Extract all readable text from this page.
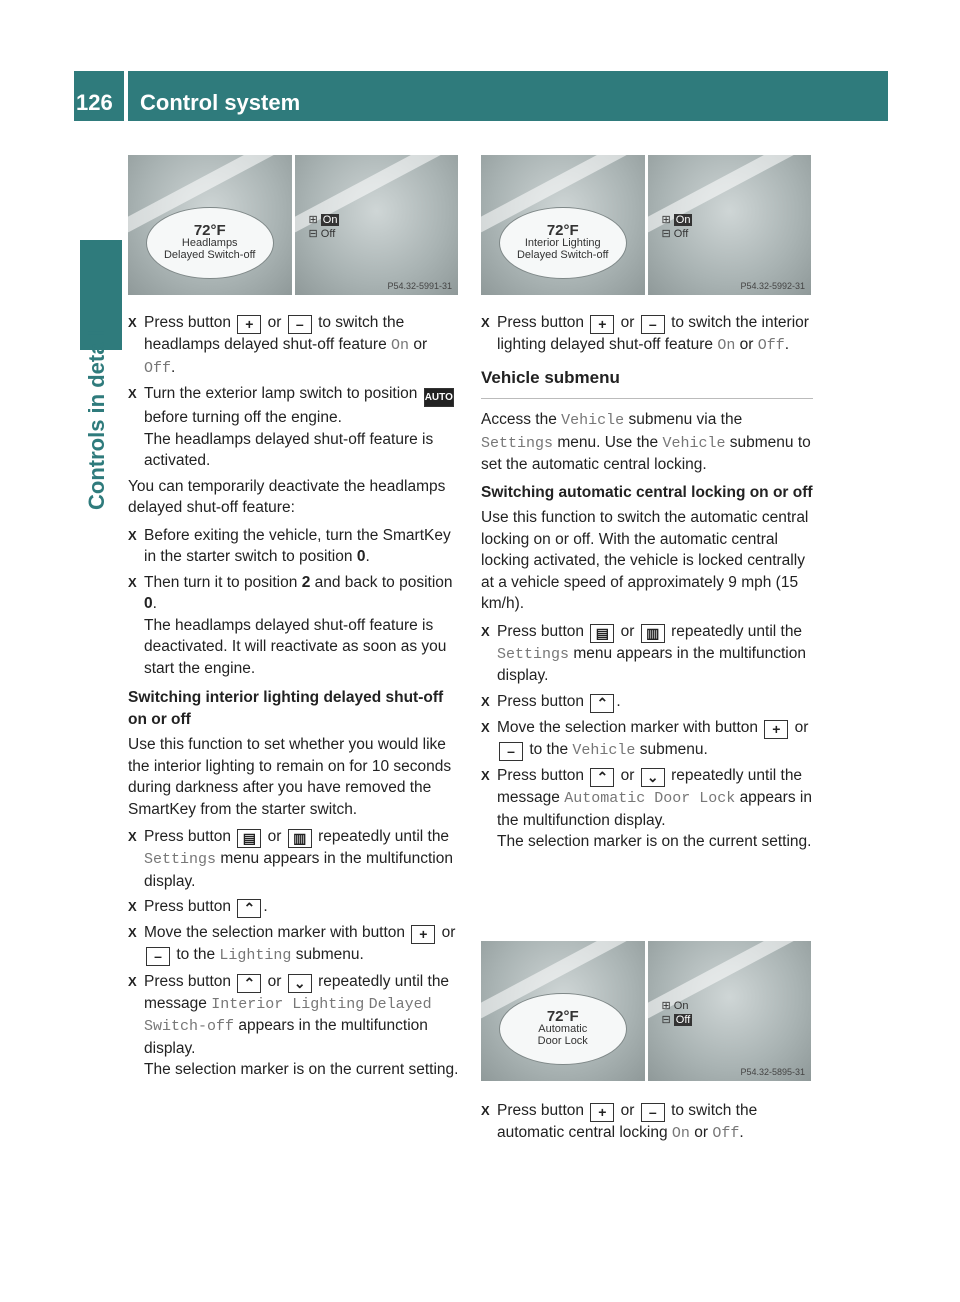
126 Control system
Controls in detail
72°F
Headlamps
Delayed Switch-off
⊞ On
⊟ Off
P54.32-5991-31
72°F
Interior Lighting
Delayed Switch-off
⊞ On
⊟ Off
P54.32-5992-31
72°F
Automatic
Door Lock
⊞ On
⊟ Off
P54.32-5895-31
X Press button + or – to switch the headlamps delayed shut-off feature On or Off.
X Turn the exterior lamp switch to position AUTO before turning off the engine.
The headlamps delayed shut-off feature is activated.

You can temporarily deactivate the headlamps delayed shut-off feature:

X Before exiting the vehicle, turn the SmartKey in the starter switch to position 0.
X Then turn it to position 2 and back to position 0.
The headlamps delayed shut-off feature is deactivated. It will reactivate as soon as you start the engine.
Switching interior lighting delayed shut-off on or off

Use this function to set whether you would like the interior lighting to remain on for 10 seconds during darkness after you have removed the SmartKey from the starter switch.

X Press button ▤ or ▥ repeatedly until the Settings menu appears in the multifunction display.
X Press button ⌃ .
X Move the selection marker with button + or – to the Lighting submenu.
X Press button ⌃ or ⌄ repeatedly until the message Interior Lighting Delayed Switch-off appears in the multifunction display.
The selection marker is on the current setting.
X Press button + or – to switch the interior lighting delayed shut-off feature On or Off.
Vehicle submenu

Access the Vehicle submenu via the Settings menu. Use the Vehicle submenu to set the automatic central locking.

Switching automatic central locking on or off

Use this function to switch the automatic central locking on or off. With the automatic central locking activated, the vehicle is locked centrally at a vehicle speed of approximately 9 mph (15 km/h).

X Press button ▤ or ▥ repeatedly until the Settings menu appears in the multifunction display.
X Press button ⌃ .
X Move the selection marker with button + or – to the Vehicle submenu.
X Press button ⌃ or ⌄ repeatedly until the message Automatic Door Lock appears in the multifunction display.
The selection marker is on the current setting.
X Press button + or – to switch the automatic central locking On or Off.
